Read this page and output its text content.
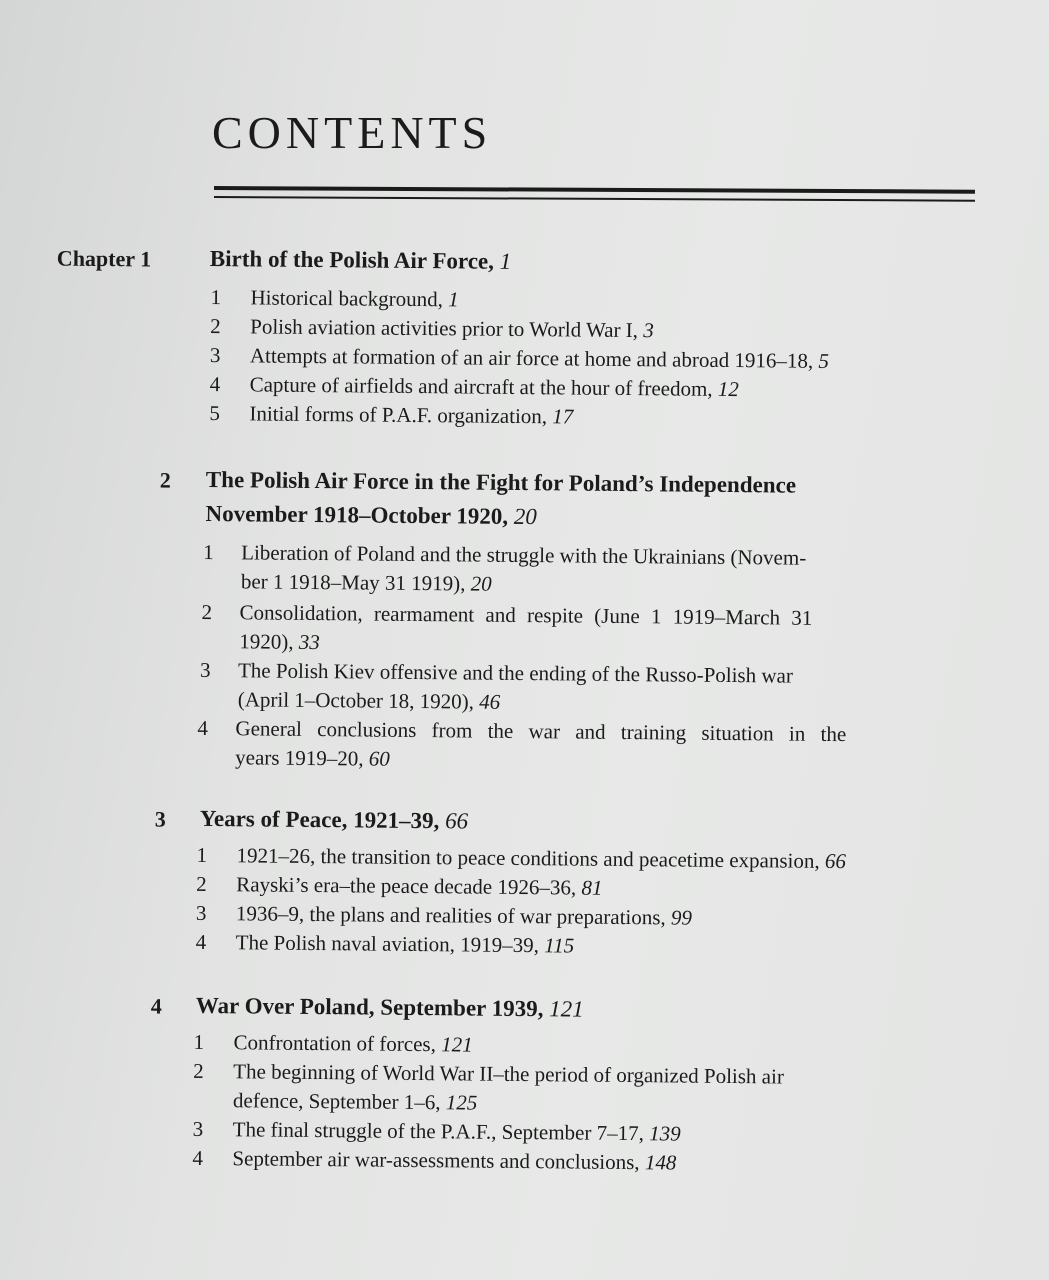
CONTENTS
Chapter 1	Birth of the Polish Air Force, 1
1 Historical background, 1
2 Polish aviation activities prior to World War I, 3
3 Attempts at formation of an air force at home and abroad 1916–18, 5
4 Capture of airfields and aircraft at the hour of freedom, 12
5 Initial forms of P.A.F. organization, 17
2 The Polish Air Force in the Fight for Poland’s Independence
November 1918–October 1920, 20
1 Liberation of Poland and the struggle with the Ukrainians (Novem-
ber 1 1918–May 31 1919), 20
2 Consolidation, rearmament and respite (June 1 1919–March 31
1920), 33
3 The Polish Kiev offensive and the ending of the Russo-Polish war
(April 1–October 18, 1920), 46
4 General conclusions from the war and training situation in the
years 1919–20, 60
3 Years of Peace, 1921–39, 66
1 1921–26, the transition to peace conditions and peacetime expansion, 66
2 Rayski’s era–the peace decade 1926–36, 81
3 1936–9, the plans and realities of war preparations, 99
4 The Polish naval aviation, 1919–39, 115
4 War Over Poland, September 1939, 121
1 Confrontation of forces, 121
2 The beginning of World War II–the period of organized Polish air
defence, September 1–6, 125
3 The final struggle of the P.A.F., September 7–17, 139
4 September air war-assessments and conclusions, 148
